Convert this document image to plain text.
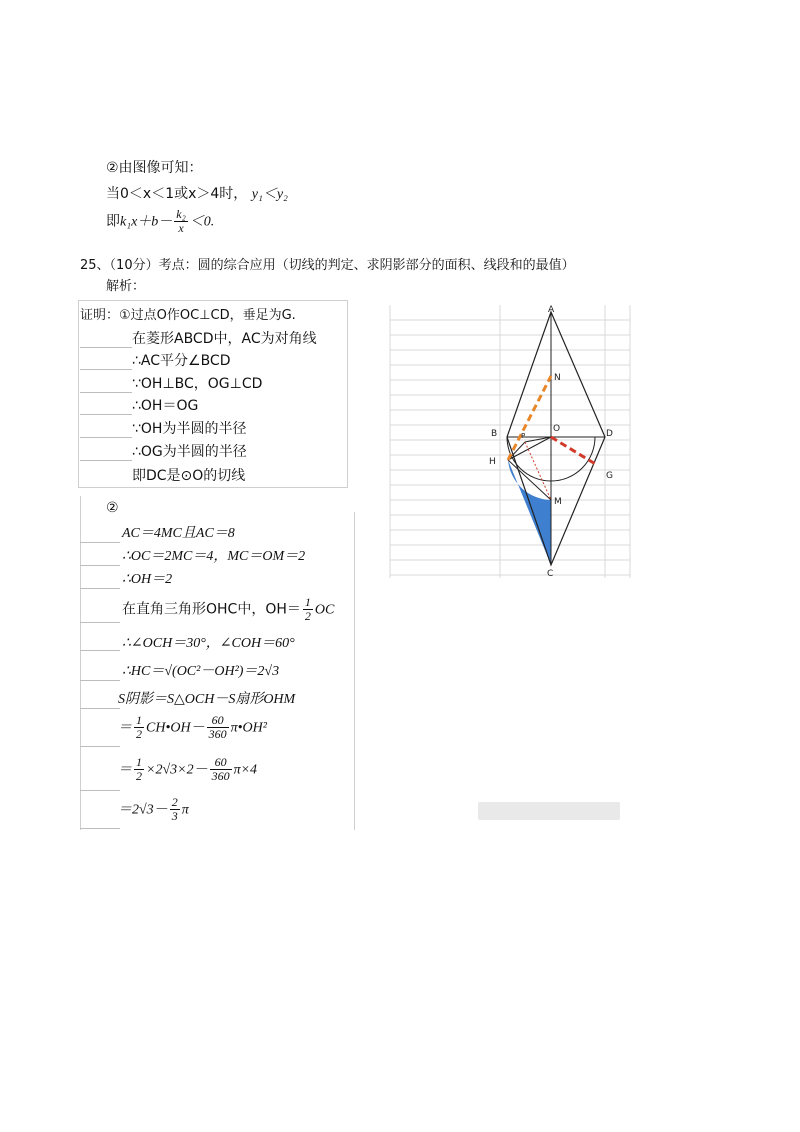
②由图像可知：
当0＜x＜1或x＞4时， y₁＜y₂
即$k_1x+b- \frac{\text{k₂}}{x} <0$.
25、（10分）考点：圆的综合应用（切线的判定、求阴影部分的面积、线段和的最值）
解析：
证明：①过点O作OC⊥CD，垂足为G.
在菱形ABCD中，AC为对角线
∴AC平分∠BCD
∵OH⊥BC，OG⊥CD
∴OH＝OG
∵OH为半圆的半径
∴OG为半圆的半径
即DC是⊙O的切线
②
AC＝4MC且AC＝8
∴OC＝2MC＝4，MC＝OM＝2
∴OH＝2
在直角三角形OHC中，$OH= \frac{1}{2}$ OC
∴∠OCH＝30°，∠COH＝60°
∴HC＝√(OC²－OH²)＝2√3
S阴影＝S△OCH－S扇形OHM
＝ $\frac{1}{2}$ CH•OH－ $\frac{60}{360}$ π•OH²
＝ $\frac{1}{2} \times 2√3\times 2- \frac{60}{360} \pi\times 4$
$=2√3- \frac{2}{3}$ π
A
N
B	O	D
H
G
M
C
P
